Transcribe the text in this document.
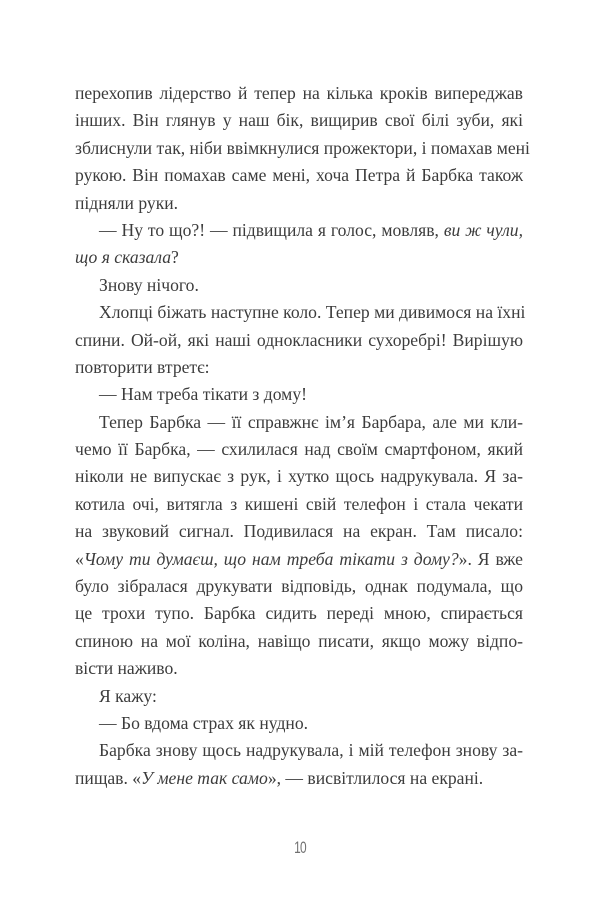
перехопив лідерство й тепер на кілька кроків випереджав
інших. Він глянув у наш бік, вищирив свої білі зуби, які
зблиснули так, ніби ввімкнулися прожектори, і помахав мені
рукою. Він помахав саме мені, хоча Петра й Барбка також
підняли руки.
— Ну то що?! — підвищила я голос, мовляв, ви ж чули,
що я сказала?
Знову нічого.
Хлопці біжать наступне коло. Тепер ми дивимося на їхні
спини. Ой-ой, які наші однокласники сухоребрі! Вирішую
повторити втретє:
— Нам треба тікати з дому!
Тепер Барбка — її справжнє ім’я Барбара, але ми кли-
чемо її Барбка, — схилилася над своїм смартфоном, який
ніколи не випускає з рук, і хутко щось надрукувала. Я за-
котила очі, витягла з кишені свій телефон і стала чекати
на звуковий сигнал. Подивилася на екран. Там писало:
«Чому ти думаєш, що нам треба тікати з дому?». Я вже
було зібралася друкувати відповідь, однак подумала, що
це трохи тупо. Барбка сидить переді мною, спирається
спиною на мої коліна, навіщо писати, якщо можу відпо-
вісти наживо.
Я кажу:
— Бо вдома страх як нудно.
Барбка знову щось надрукувала, і мій телефон знову за-
пищав. «У мене так само», — висвітлилося на екрані.
10
